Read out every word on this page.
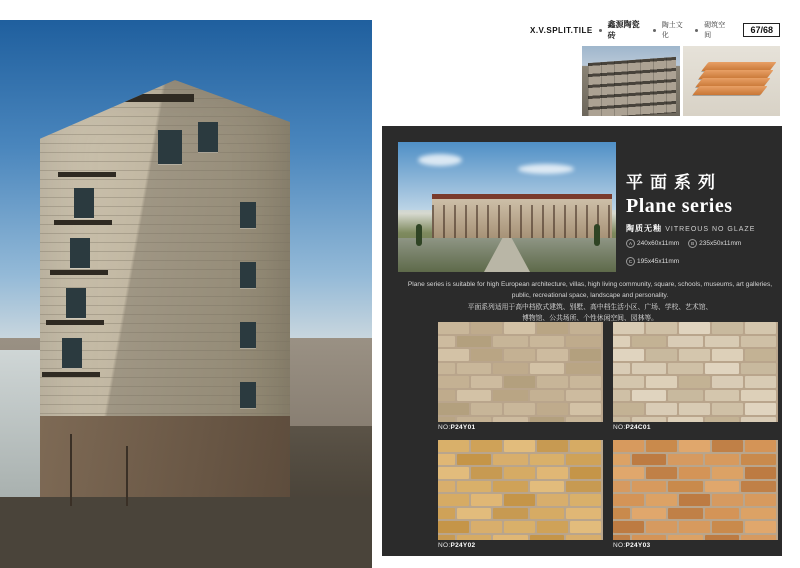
X.V.SPLIT.TILE
鑫源陶瓷砖
陶土文化
砌筑空间
67/68
平面系列
Plane series
陶质无釉 VITREOUS NO GLAZE
A 240x60x11mm	B 235x50x11mm
C 195x45x11mm
Plane series is suitable for high European architecture, villas, high living community, square, schools, museums, art galleries, public, recreational space, landscape and personality.
平面系列适用于高中档欧式建筑、别墅、高中档生活小区、广场、学校、艺术馆、
博物馆、公共场所、个性休闲空间、园林等。
NO:P24Y01	NO:P24C01
NO:P24Y02	NO:P24Y03
